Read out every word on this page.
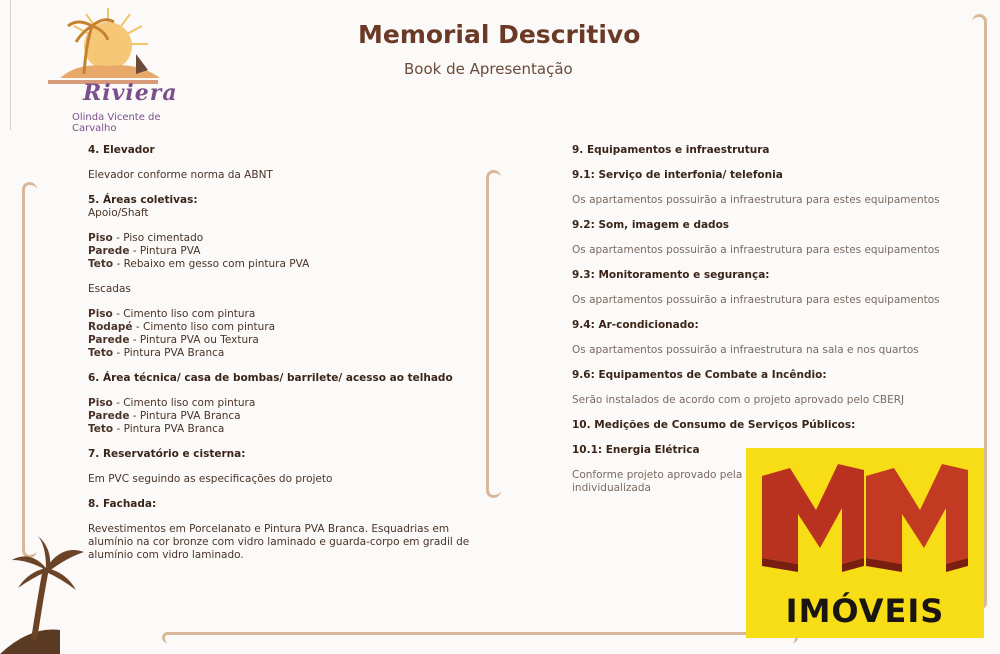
Riviera
Olinda Vicente de Carvalho
Memorial Descritivo
Book de Apresentação

4. Elevador

Elevador conforme norma da ABNT

5. Áreas coletivas:

Apoio/Shaft

Piso - Piso cimentado

Parede - Pintura PVA

Teto - Rebaixo em gesso com pintura PVA

Escadas

Piso - Cimento liso com pintura

Rodapé - Cimento liso com pintura

Parede - Pintura PVA ou Textura

Teto - Pintura PVA Branca

6. Área técnica/ casa de bombas/ barrilete/ acesso ao telhado

Piso - Cimento liso com pintura

Parede - Pintura PVA Branca

Teto - Pintura PVA Branca

7. Reservatório e cisterna:

Em PVC seguindo as especificações do projeto

8. Fachada:

Revestimentos em Porcelanato e Pintura PVA Branca. Esquadrias em alumínio na cor bronze com vidro laminado e guarda-corpo em gradil de alumínio com vidro laminado.

9. Equipamentos e infraestrutura

9.1: Serviço de interfonia/ telefonia

Os apartamentos possuirão a infraestrutura para estes equipamentos

9.2: Som, imagem e dados

Os apartamentos possuirão a infraestrutura para estes equipamentos

9.3: Monitoramento e segurança:

Os apartamentos possuirão a infraestrutura para estes equipamentos

9.4: Ar-condicionado:

Os apartamentos possuirão a infraestrutura na sala e nos quartos

9.6: Equipamentos de Combate a Incêndio:

Serão instalados de acordo com o projeto aprovado pelo CBERJ

10. Medições de Consumo de Serviços Públicos:

10.1: Energia Elétrica

Conforme projeto aprovado pela

individualizada

IMÓVEIS
